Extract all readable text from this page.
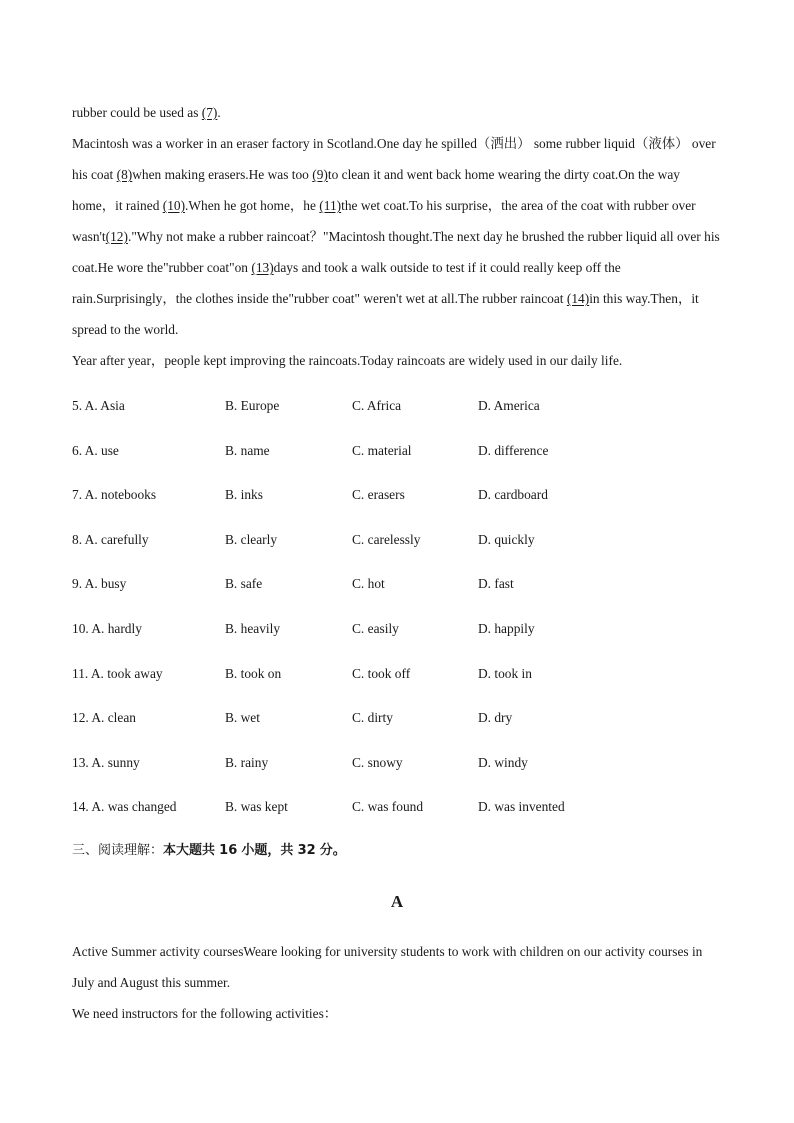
rubber could be used as (7).

Macintosh was a worker in an eraser factory in Scotland.One day he spilled（洒出） some rubber liquid（液体） over his coat (8)when making erasers.He was too (9)to clean it and went back home wearing the dirty coat.On the way home，it rained (10).When he got home，he (11)the wet coat.To his surprise，the area of the coat with rubber over wasn't(12)."Why not make a rubber raincoat？"Macintosh thought.The next day he brushed the rubber liquid all over his coat.He wore the"rubber coat"on (13)days and took a walk outside to test if it could really keep off the rain.Surprisingly，the clothes inside the"rubber coat" weren't wet at all.The rubber raincoat (14)in this way.Then，it spread to the world.

Year after year，people kept improving the raincoats.Today raincoats are widely used in our daily life.

5. A. Asia	B. Europe	C. Africa	D. America
6. A. use	B. name	C. material	D. difference
7. A. notebooks	B. inks	C. erasers	D. cardboard
8. A. carefully	B. clearly	C. carelessly	D. quickly
9. A. busy	B. safe	C. hot	D. fast
10. A. hardly	B. heavily	C. easily	D. happily
11. A. took away	B. took on	C. took off	D. took in
12. A. clean	B. wet	C. dirty	D. dry
13. A. sunny	B. rainy	C. snowy	D. windy
14. A. was changed	B. was kept	C. was found	D. was invented

三、阅读理解：本大题共 16 小题，共 32 分。

A

Active Summer activity coursesWeare looking for university students to work with children on our activity courses in July and August this summer.

We need instructors for the following activities：
